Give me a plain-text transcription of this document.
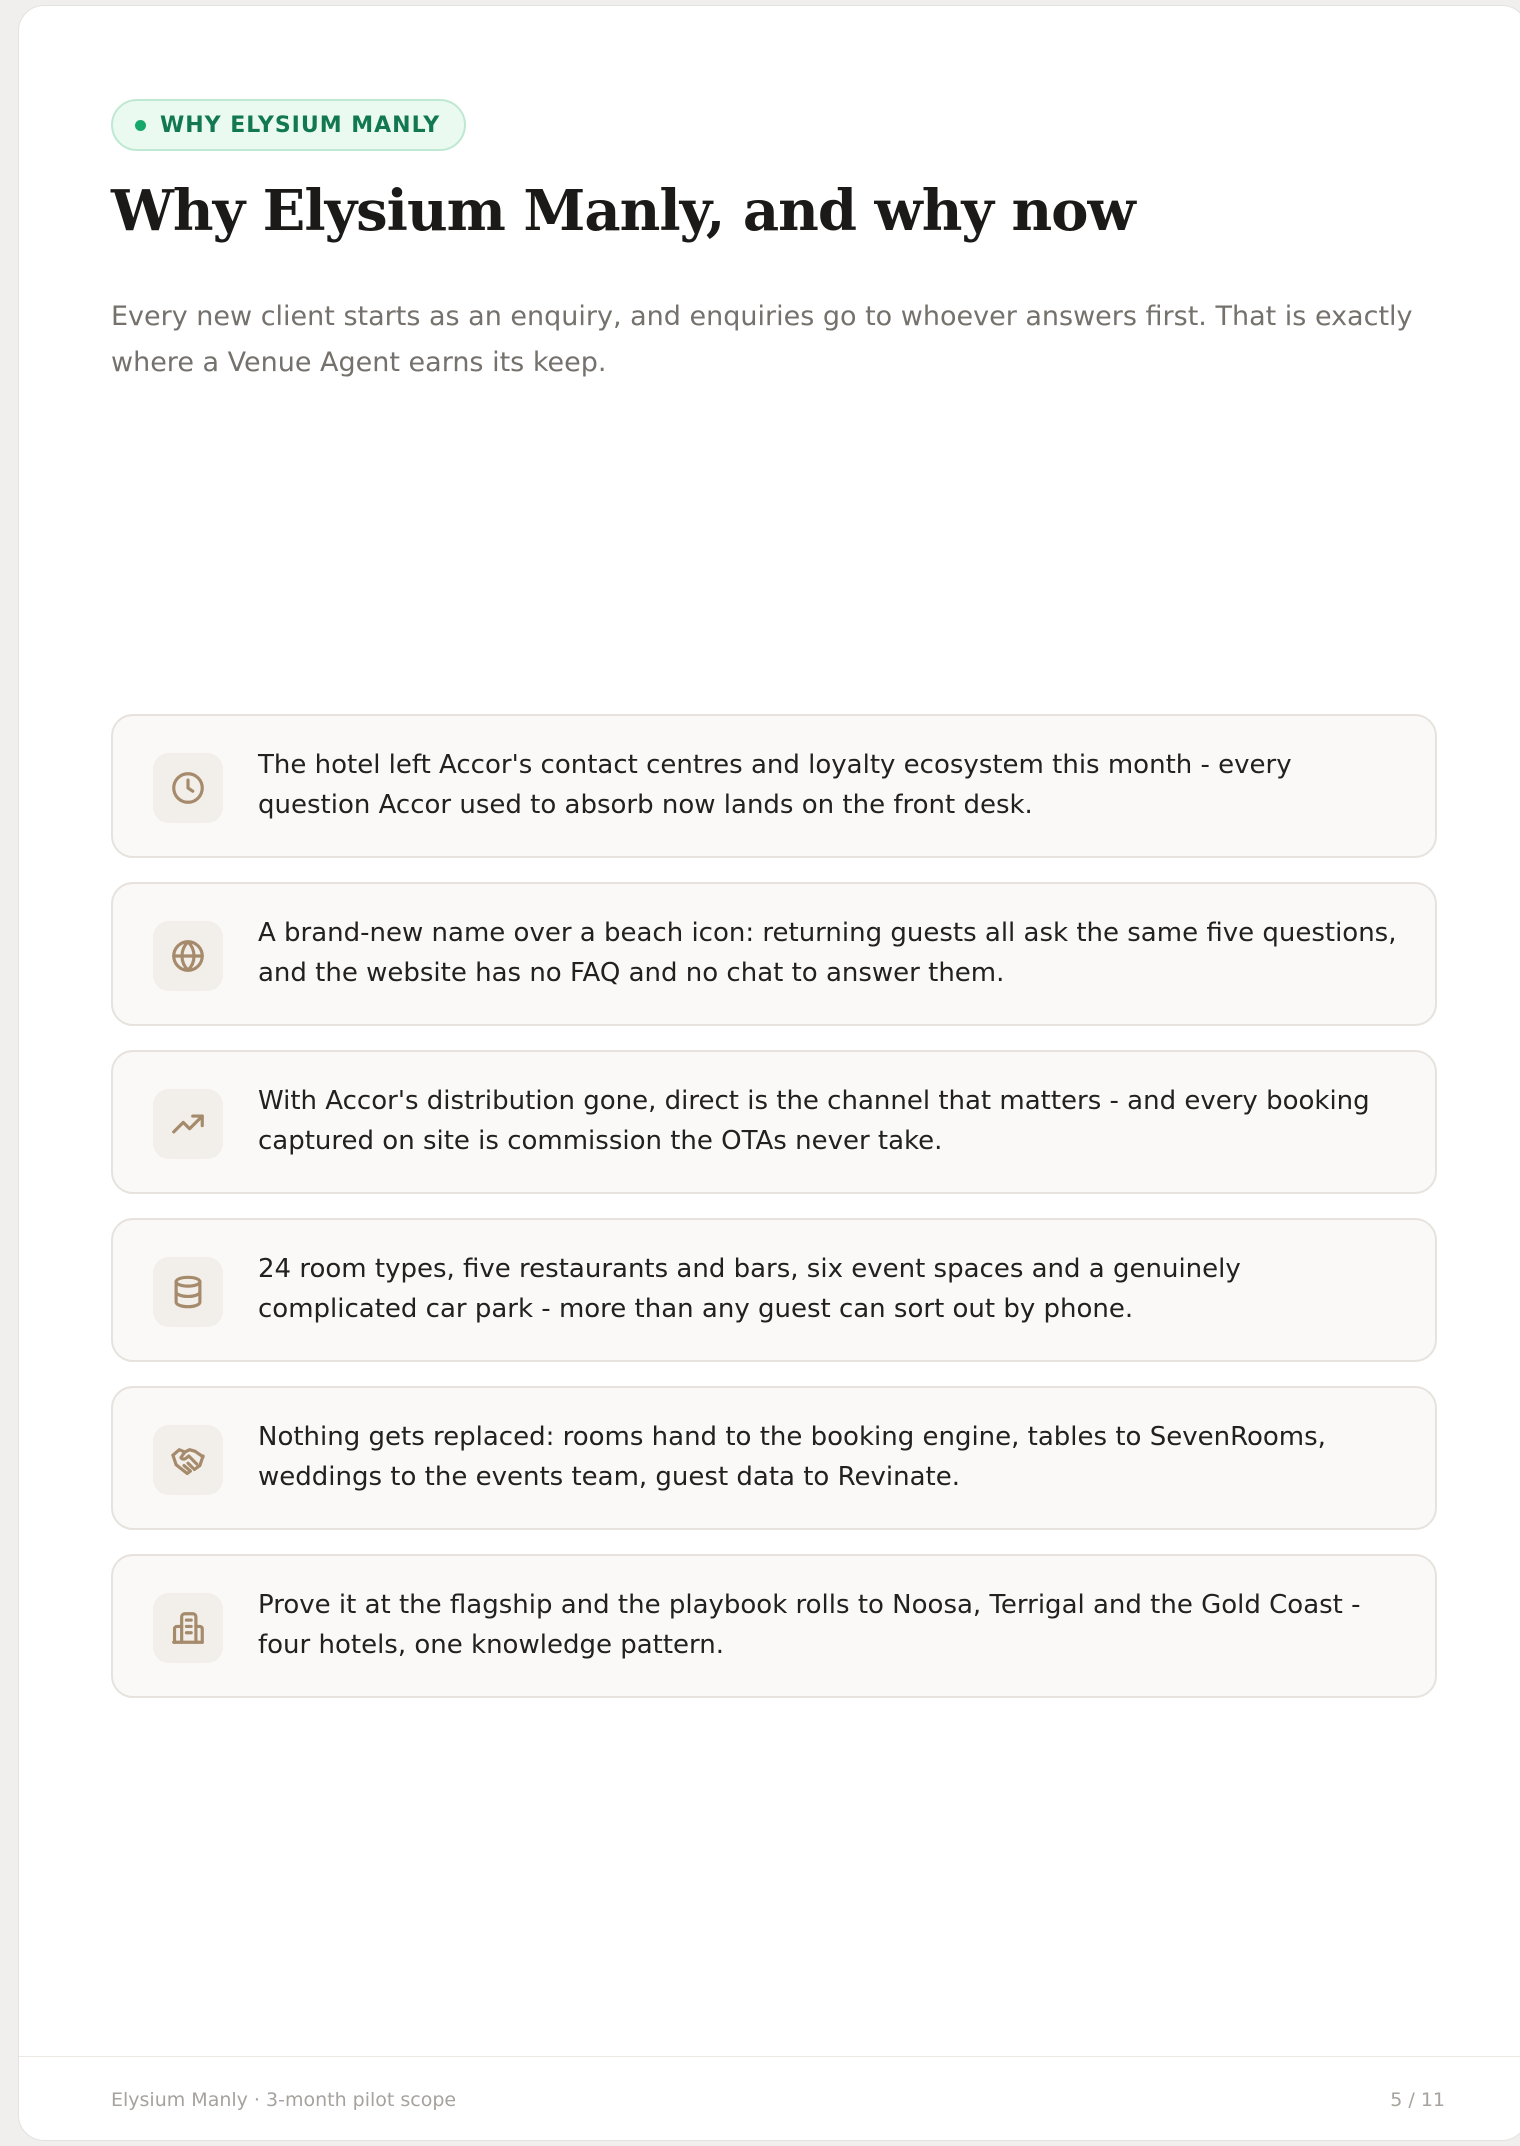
WHY ELYSIUM MANLY
Why Elysium Manly, and why now

Every new client starts as an enquiry, and enquiries go to whoever answers first. That is exactly where a Venue Agent earns its keep.

The hotel left Accor's contact centres and loyalty ecosystem this month - every question Accor used to absorb now lands on the front desk.

A brand-new name over a beach icon: returning guests all ask the same five questions, and the website has no FAQ and no chat to answer them.

With Accor's distribution gone, direct is the channel that matters - and every booking captured on site is commission the OTAs never take.

24 room types, five restaurants and bars, six event spaces and a genuinely complicated car park - more than any guest can sort out by phone.

Nothing gets replaced: rooms hand to the booking engine, tables to SevenRooms, weddings to the events team, guest data to Revinate.

Prove it at the flagship and the playbook rolls to Noosa, Terrigal and the Gold Coast - four hotels, one knowledge pattern.

Elysium Manly · 3-month pilot scope	5 / 11
